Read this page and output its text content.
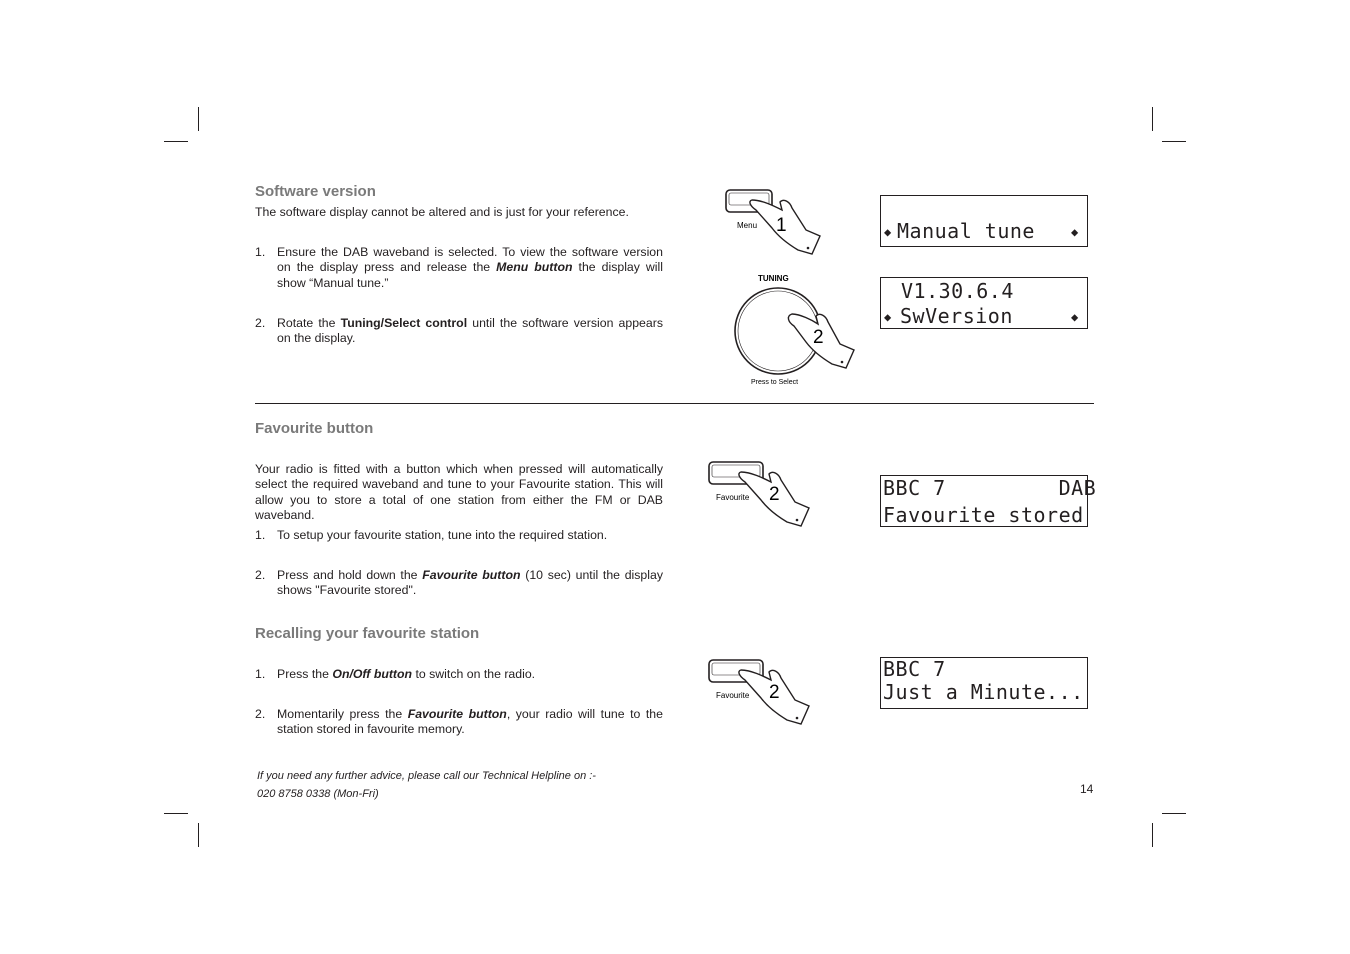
Software version
The software display cannot be altered and is just for your reference.
1. Ensure the DAB waveband is selected. To view the software version on the display press and release the Menu button the display will show “Manual tune.”
2. Rotate the Tuning/Select control until the software version appears on the display.
Menu 1
TUNING
2
Press to Select
◆ Manual tune	◆
V1.30.6.4
◆ SwVersion	◆
Favourite button
Your radio is fitted with a button which when pressed will automatically select the required waveband and tune to your Favourite station. This will allow you to store a total of one station from either the FM or DAB waveband.
1. To setup your favourite station, tune into the required station.
2. Press and hold down the Favourite button (10 sec) until the display shows "Favourite stored".
Favourite 2	BBC 7         DAB
Favourite stored
Recalling your favourite station
1. Press the On/Off button to switch on the radio.
2. Momentarily press the Favourite button, your radio will tune to the station stored in favourite memory.
Favourite 2
BBC 7
Just a Minute...
If you need any further advice, please call our Technical Helpline on :-
020 8758 0338 (Mon-Fri)	14
